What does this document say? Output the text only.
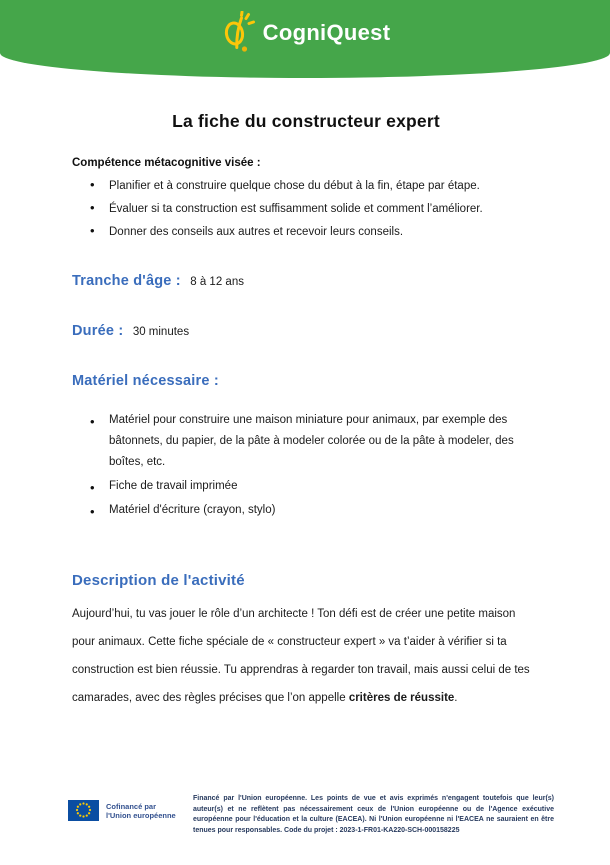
CogniQuest
La fiche du constructeur expert
Compétence métacognitive visée :
• Planifier et à construire quelque chose du début à la fin, étape par étape.
• Évaluer si ta construction est suffisamment solide et comment l’améliorer.
• Donner des conseils aux autres et recevoir leurs conseils.
Tranche d'âge : 8 à 12 ans
Durée : 30 minutes
Matériel nécessaire :
• Matériel pour construire une maison miniature pour animaux, par exemple des bâtonnets, du papier, de la pâte à modeler colorée ou de la pâte à modeler, des boîtes, etc.
• Fiche de travail imprimée
• Matériel d'écriture (crayon, stylo)
Description de l'activité

Aujourd’hui, tu vas jouer le rôle d’un architecte ! Ton défi est de créer une petite maison pour animaux. Cette fiche spéciale de « constructeur expert » va t’aider à vérifier si ta construction est bien réussie. Tu apprendras à regarder ton travail, mais aussi celui de tes camarades, avec des règles précises que l’on appelle critères de réussite.

Cofinancé par
l'Union européenne
Financé par l'Union européenne. Les points de vue et avis exprimés n'engagent toutefois que leur(s) auteur(s) et ne reflètent pas nécessairement ceux de l'Union européenne ou de l'Agence exécutive européenne pour l'éducation et la culture (EACEA). Ni l'Union européenne ni l'EACEA ne sauraient en être tenues pour responsables. Code du projet : 2023-1-FR01-KA220-SCH-000158225
